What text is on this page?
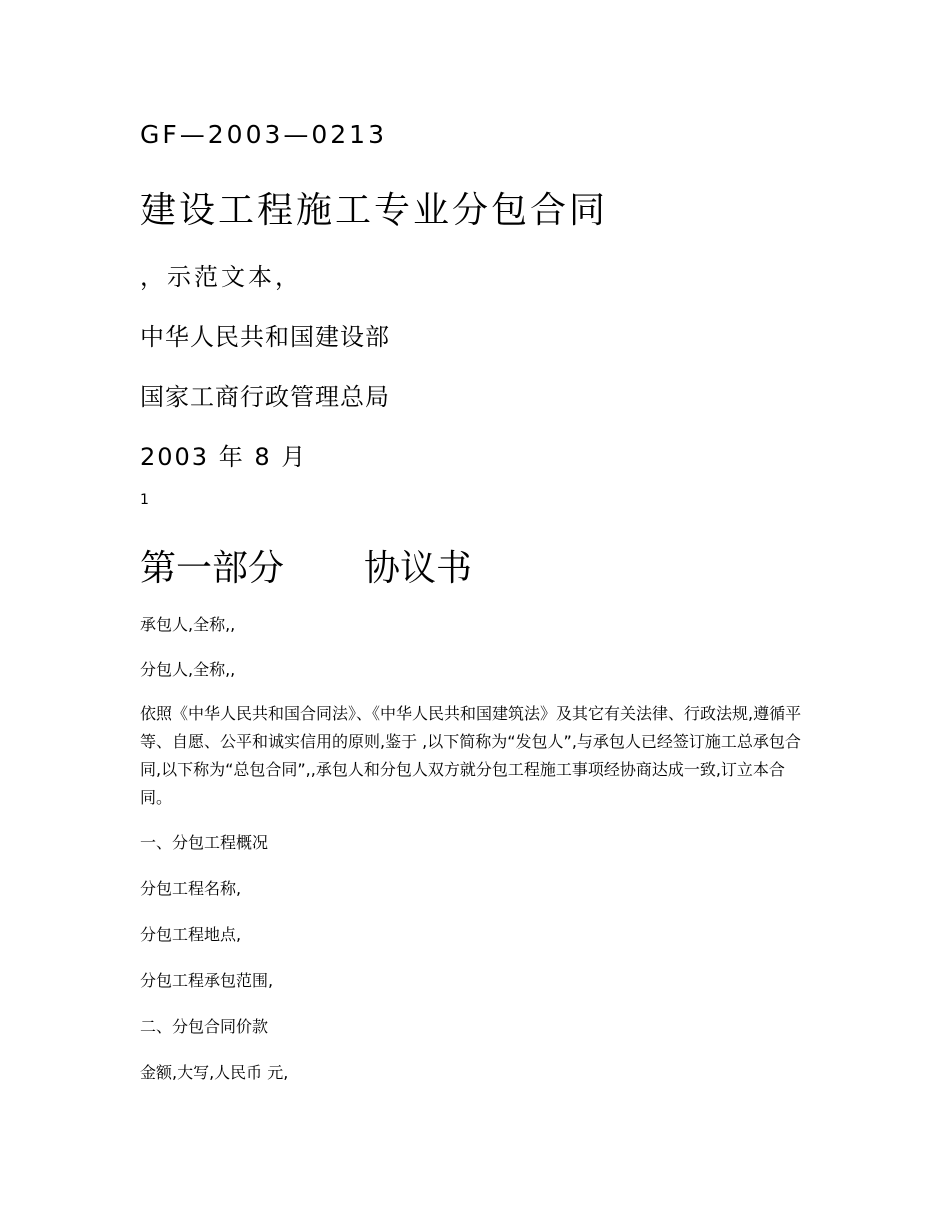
GF—2003—0213
建设工程施工专业分包合同
，示范文本，
中华人民共和国建设部
国家工商行政管理总局
2003 年 8 月
1
第一部分 协议书
承包人,全称,,
分包人,全称,,
依照《中华人民共和国合同法》、《中华人民共和国建筑法》及其它有关法律、行政法规,遵循平等、自愿、公平和诚实信用的原则,鉴于 ,以下简称为“发包人”,与承包人已经签订施工总承包合同,以下称为“总包合同”,,承包人和分包人双方就分包工程施工事项经协商达成一致,订立本合同。
一、分包工程概况
分包工程名称,
分包工程地点,
分包工程承包范围,
二、分包合同价款
金额,大写,人民币 元,
